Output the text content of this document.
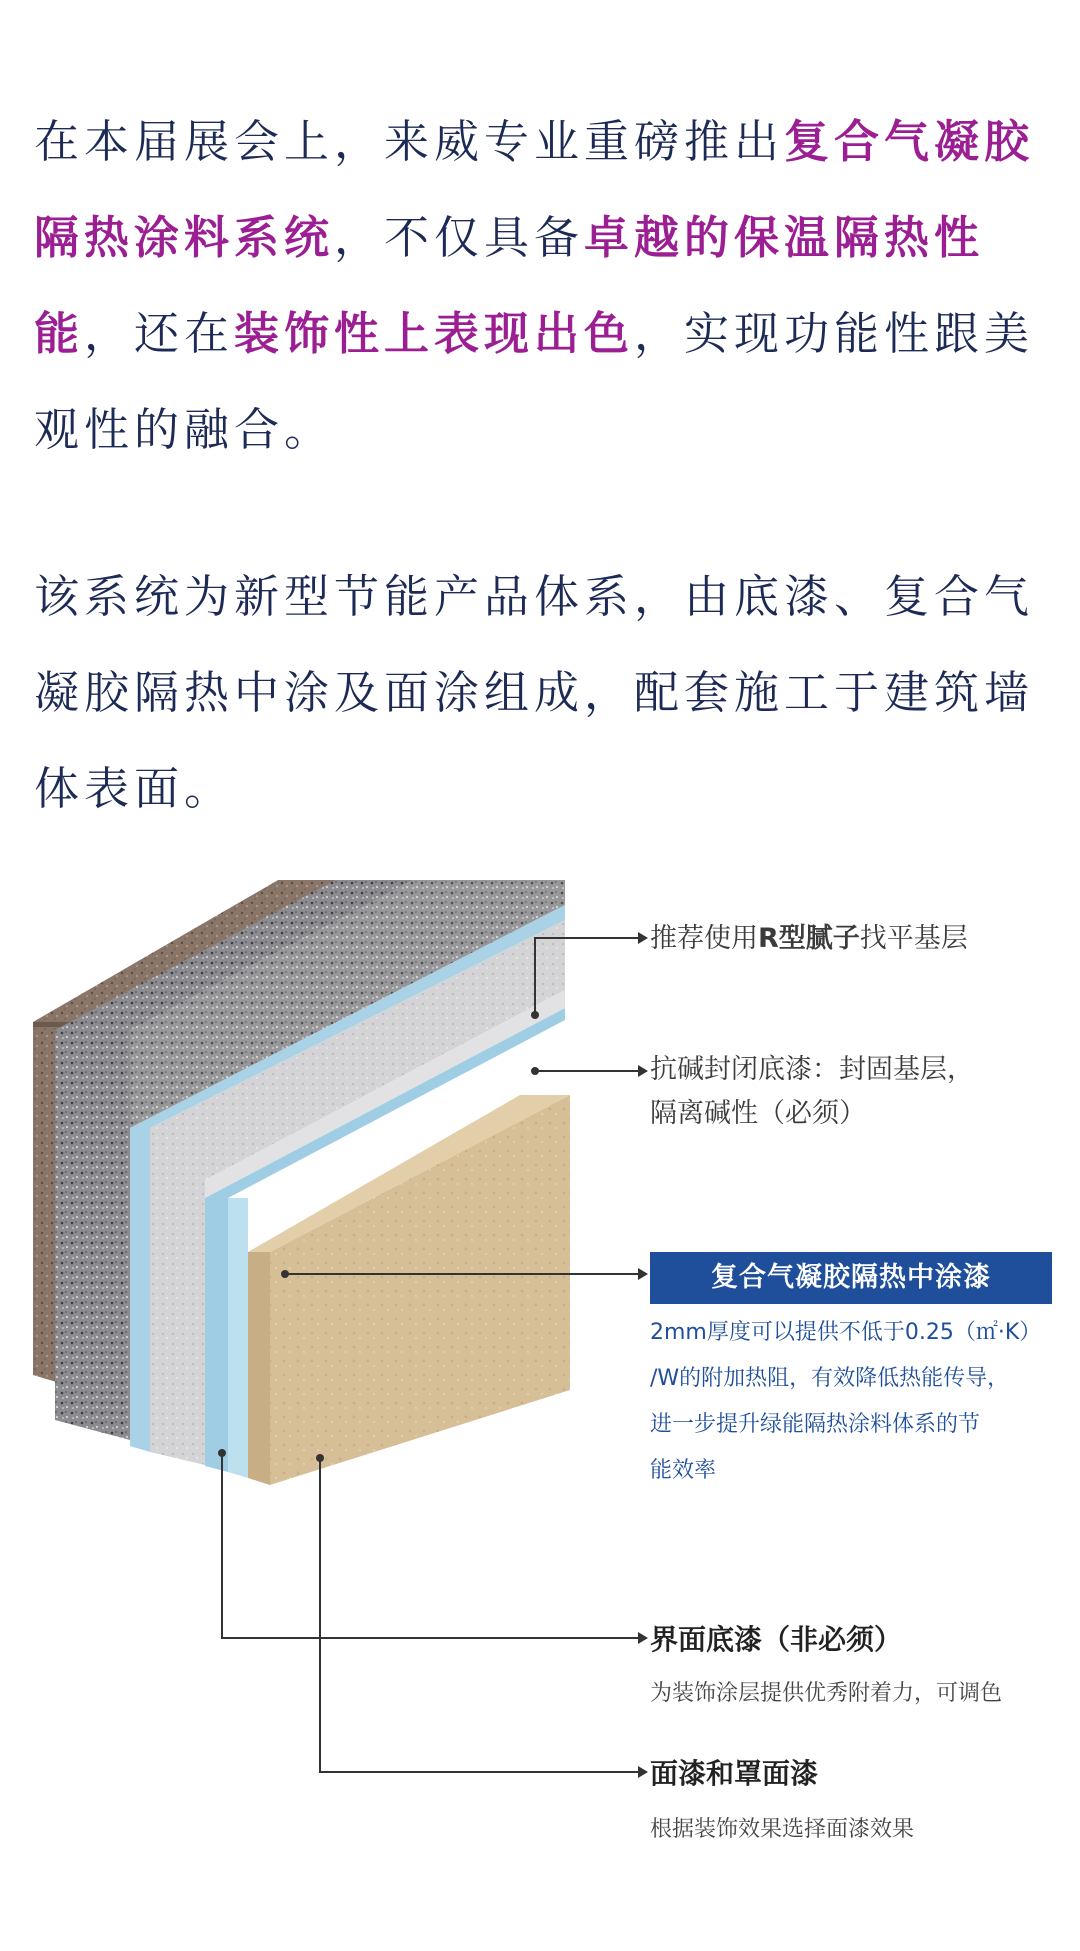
在本届展会上，来威专业重磅推出复合气凝胶隔热涂料系统，不仅具备卓越的保温隔热性能，还在装饰性上表现出色，实现功能性跟美观性的融合。

该系统为新型节能产品体系，由底漆、复合气凝胶隔热中涂及面涂组成，配套施工于建筑墙体表面。

推荐使用R型腻子找平基层
抗碱封闭底漆：封固基层，
隔离碱性（必须）
复合气凝胶隔热中涂漆
2mm厚度可以提供不低于0.25（㎡·K）
/W的附加热阻，有效降低热能传导，
进一步提升绿能隔热涂料体系的节
能效率
界面底漆（非必须）
为装饰涂层提供优秀附着力，可调色
面漆和罩面漆
根据装饰效果选择面漆效果
